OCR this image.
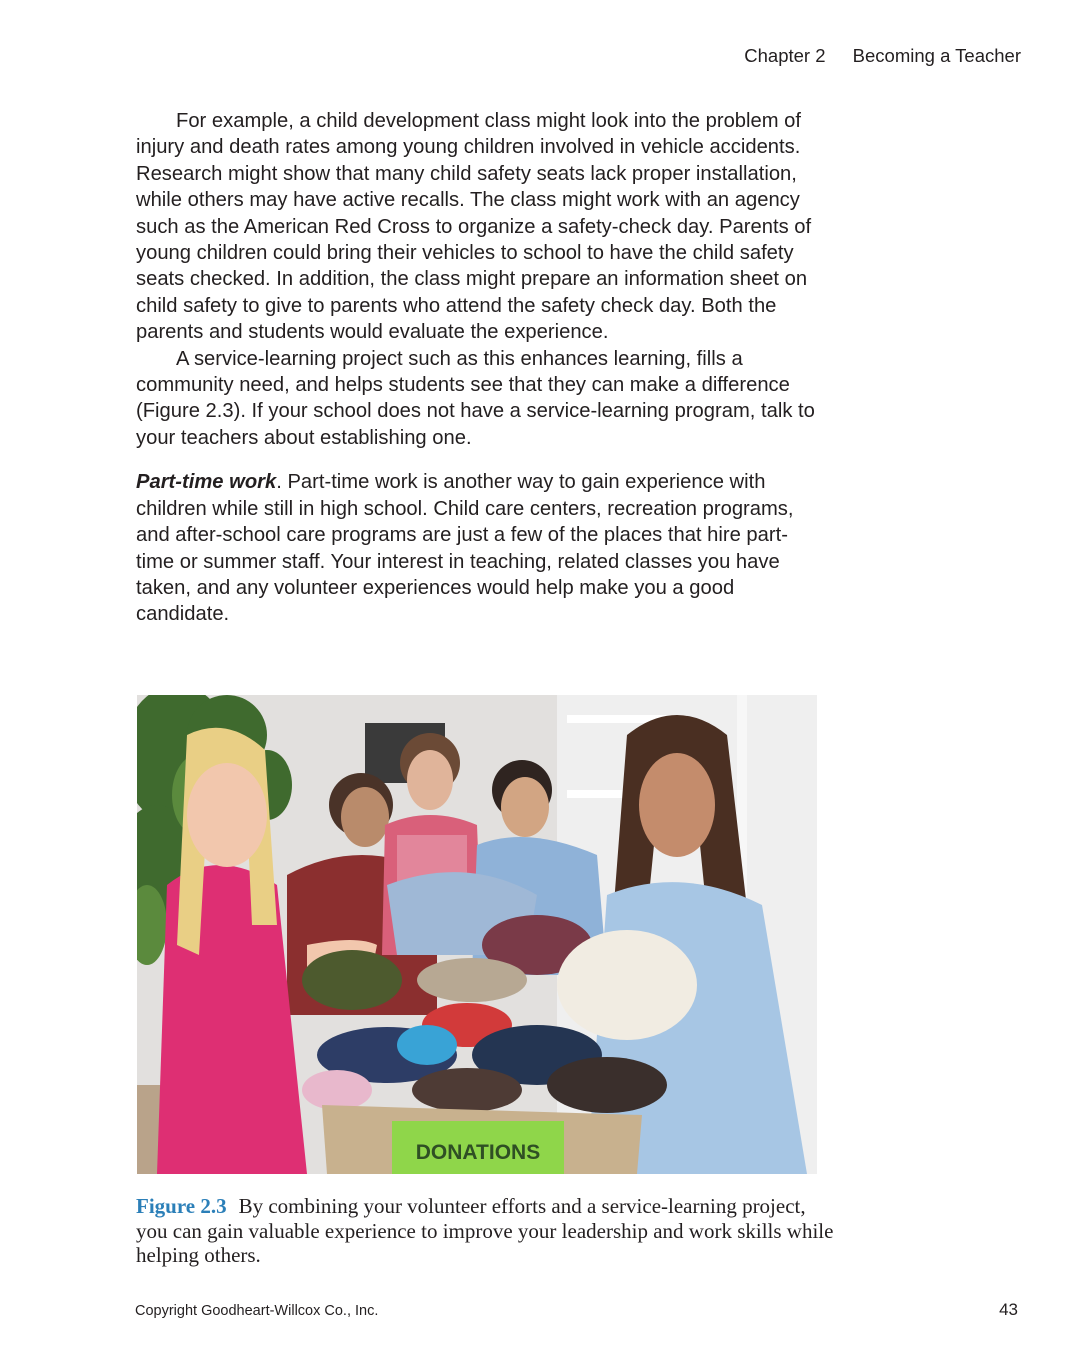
Chapter 2 Becoming a Teacher

For example, a child development class might look into the problem of injury and death rates among young children involved in vehicle accidents. Research might show that many child safety seats lack proper installation, while others may have active recalls. The class might work with an agency such as the American Red Cross to organize a safety-check day. Parents of young children could bring their vehicles to school to have the child safety seats checked. In addition, the class might prepare an information sheet on child safety to give to parents who attend the safety check day. Both the parents and students would evaluate the experience.

A service-learning project such as this enhances learning, fills a community need, and helps students see that they can make a difference (Figure 2.3). If your school does not have a service-learning program, talk to your teachers about establishing one.

Part-time work. Part-time work is another way to gain experience with children while still in high school. Child care centers, recreation programs, and after-school care programs are just a few of the places that hire part-time or summer staff. Your interest in teaching, related classes you have taken, and any volunteer experiences would help make you a good candidate.

DONATIONS
Figure 2.3 By combining your volunteer efforts and a service-learning project, you can gain valuable experience to improve your leadership and work skills while helping others.
Copyright Goodheart-Willcox Co., Inc.	43
